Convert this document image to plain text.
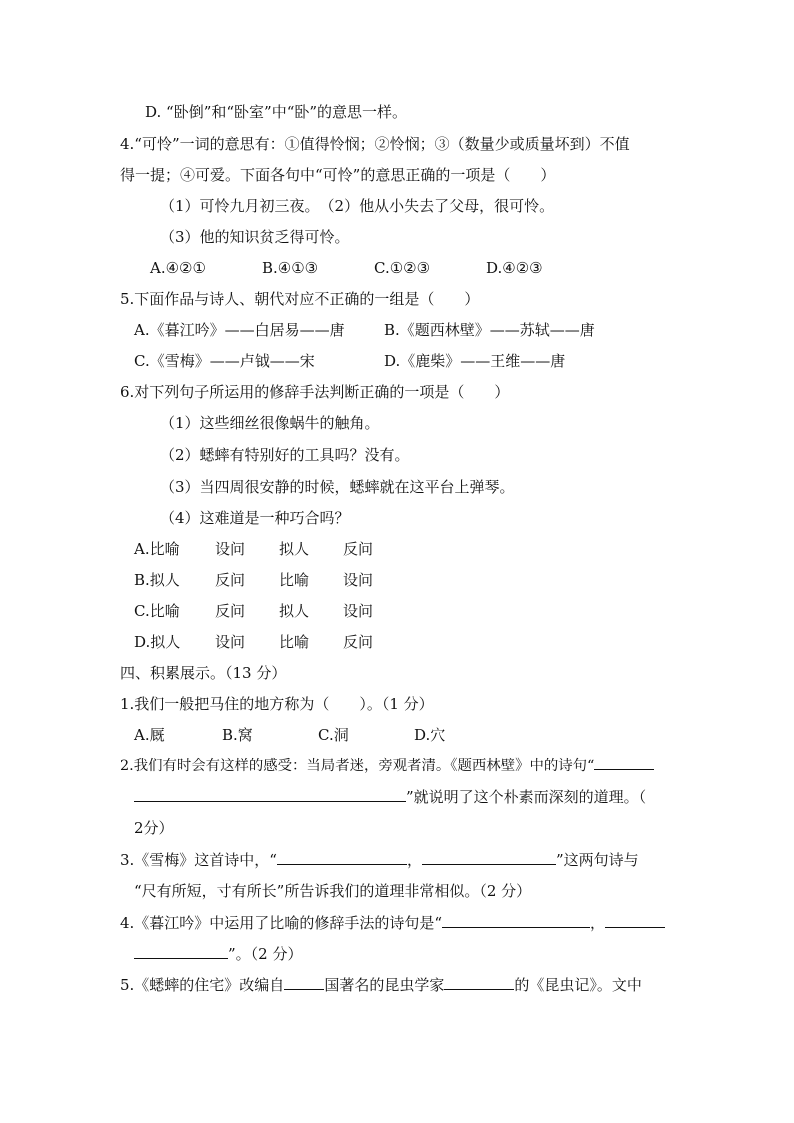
D. “卧倒”和“卧室”中“卧”的意思一样。
4.“可怜”一词的意思有：①值得怜悯；②怜悯；③（数量少或质量坏到）不值
得一提；④可爱。下面各句中“可怜”的意思正确的一项是（　　）
（1）可怜九月初三夜。　（2）他从小失去了父母，很可怜。
（3）他的知识贫乏得可怜。
A.④②①	B.④①③	C.①②③	D.④②③
5.下面作品与诗人、朝代对应不正确的一组是（　　）
A.《暮江吟》——白居易——唐	B.《题西林壁》——苏轼——唐
C.《雪梅》——卢钺——宋	D.《鹿柴》——王维——唐
6.对下列句子所运用的修辞手法判断正确的一项是（　　）
（1）这些细丝很像蜗牛的触角。
（2）蟋蟀有特别好的工具吗？没有。
（3）当四周很安静的时候，蟋蟀就在这平台上弹琴。
（4）这难道是一种巧合吗？
A.比喻 设问 拟人 反问
B.拟人 反问 比喻 设问
C.比喻 反问 拟人 设问
D.拟人 设问 比喻 反问
四、积累展示。（13 分）
1.我们一般把马住的地方称为（　　）。（1 分）
A.厩	B.窝	C.洞	D.穴
2.我们有时会有这样的感受：当局者迷，旁观者清。《题西林壁》中的诗句“
”就说明了这个朴素而深刻的道理。（
2分）
3.《雪梅》这首诗中，“	，	”这两句诗与
“尺有所短，寸有所长”所告诉我们的道理非常相似。（2 分）
4.《暮江吟》中运用了比喻的修辞手法的诗句是“	，
”。（2 分）
5.《蟋蟀的住宅》改编自	国著名的昆虫学家	的《昆虫记》。文中
